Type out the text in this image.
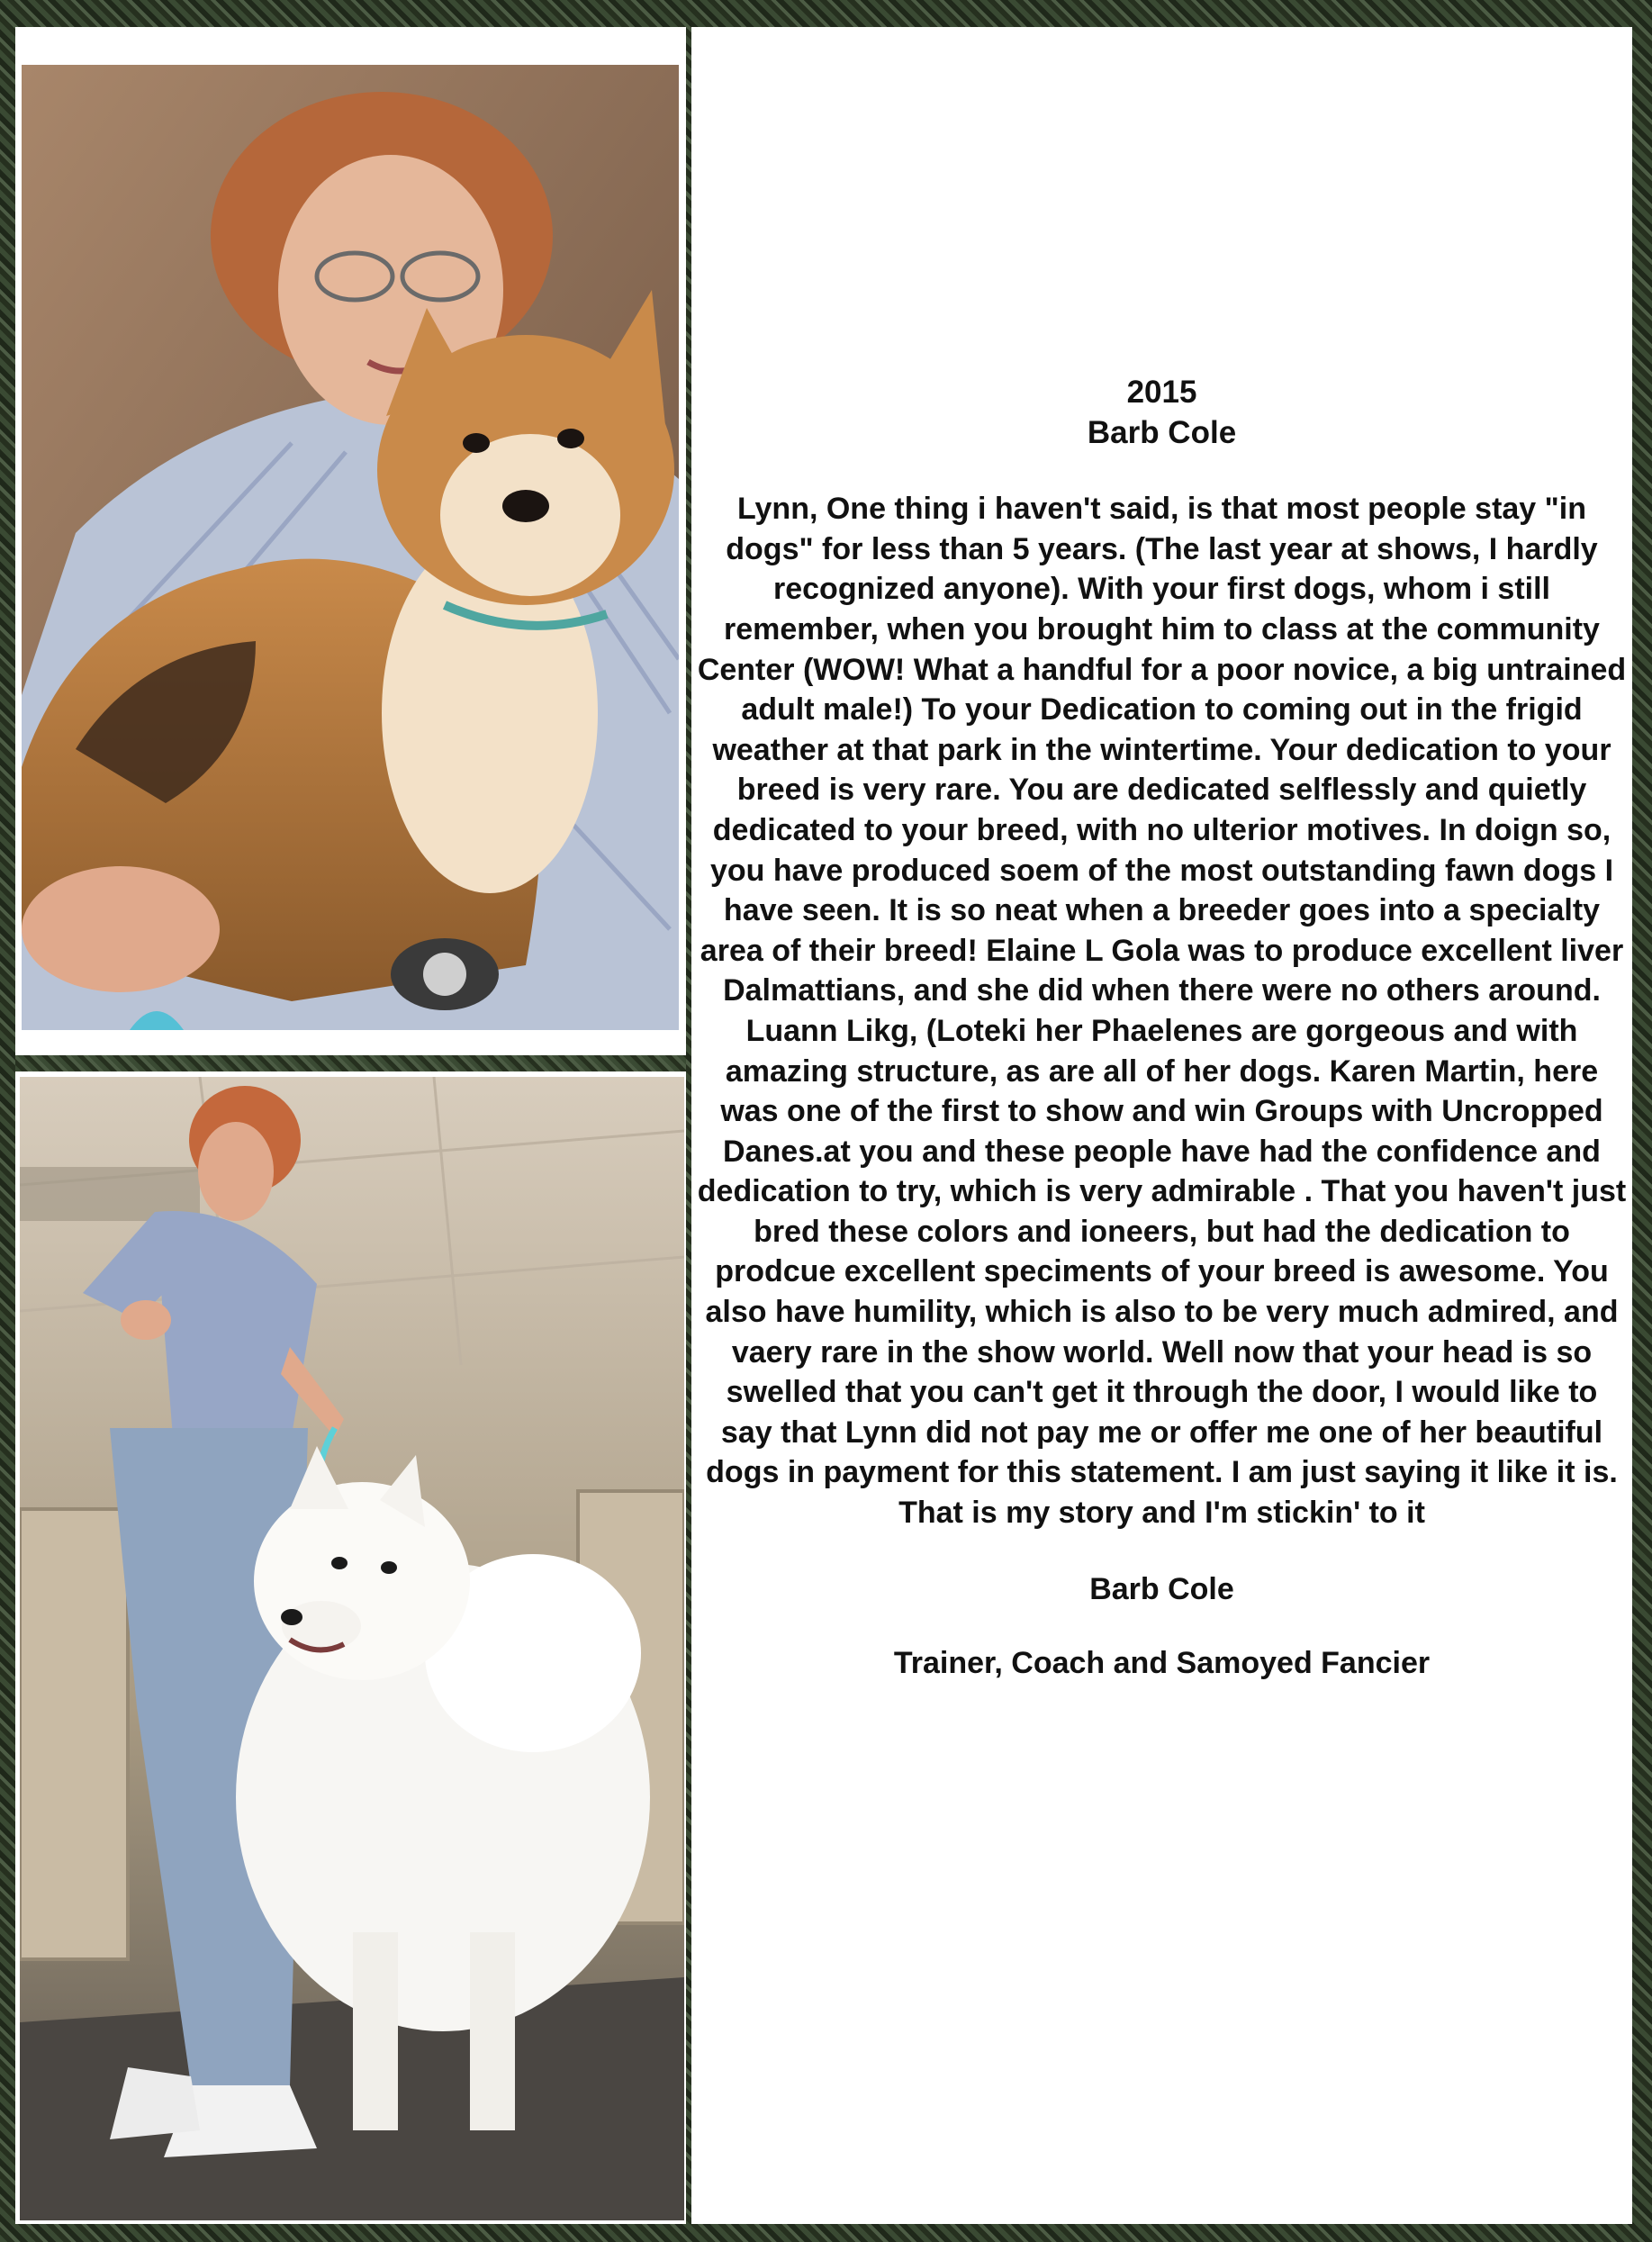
2015

Barb Cole

Lynn, One thing i haven't said, is that most people stay "in dogs" for less than 5 years. (The last year at shows, I hardly recognized anyone). With your first dogs, whom i still remember, when you brought him to class at the community Center (WOW! What a handful for a poor novice, a big untrained adult male!) To your Dedication to coming out in the frigid weather at that park in the wintertime. Your dedication to your breed is very rare. You are dedicated selflessly and quietly dedicated to your breed, with no ulterior motives. In doign so, you have produced soem of the most outstanding fawn dogs I have seen. It is so neat when a breeder goes into a specialty area of their breed! Elaine L Gola was to produce excellent liver Dalmattians, and she did when there were no others around. Luann Likg, (Loteki her Phaelenes are gorgeous and with amazing structure, as are all of her dogs. Karen Martin, here was one of the first to show and win Groups with Uncropped Danes.at you and these people have had the confidence and dedication to try, which is very admirable . That you haven't just bred these colors and ioneers, but had the dedication to prodcue excellent speciments of your breed is awesome. You also have humility, which is also to be very much admired, and vaery rare in the show world. Well now that your head is so swelled that you can't get it through the door, I would like to say that Lynn did not pay me or offer me one of her beautiful dogs in payment for this statement. I am just saying it like it is. That is my story and I'm stickin' to it

Barb Cole

Trainer, Coach and Samoyed Fancier
